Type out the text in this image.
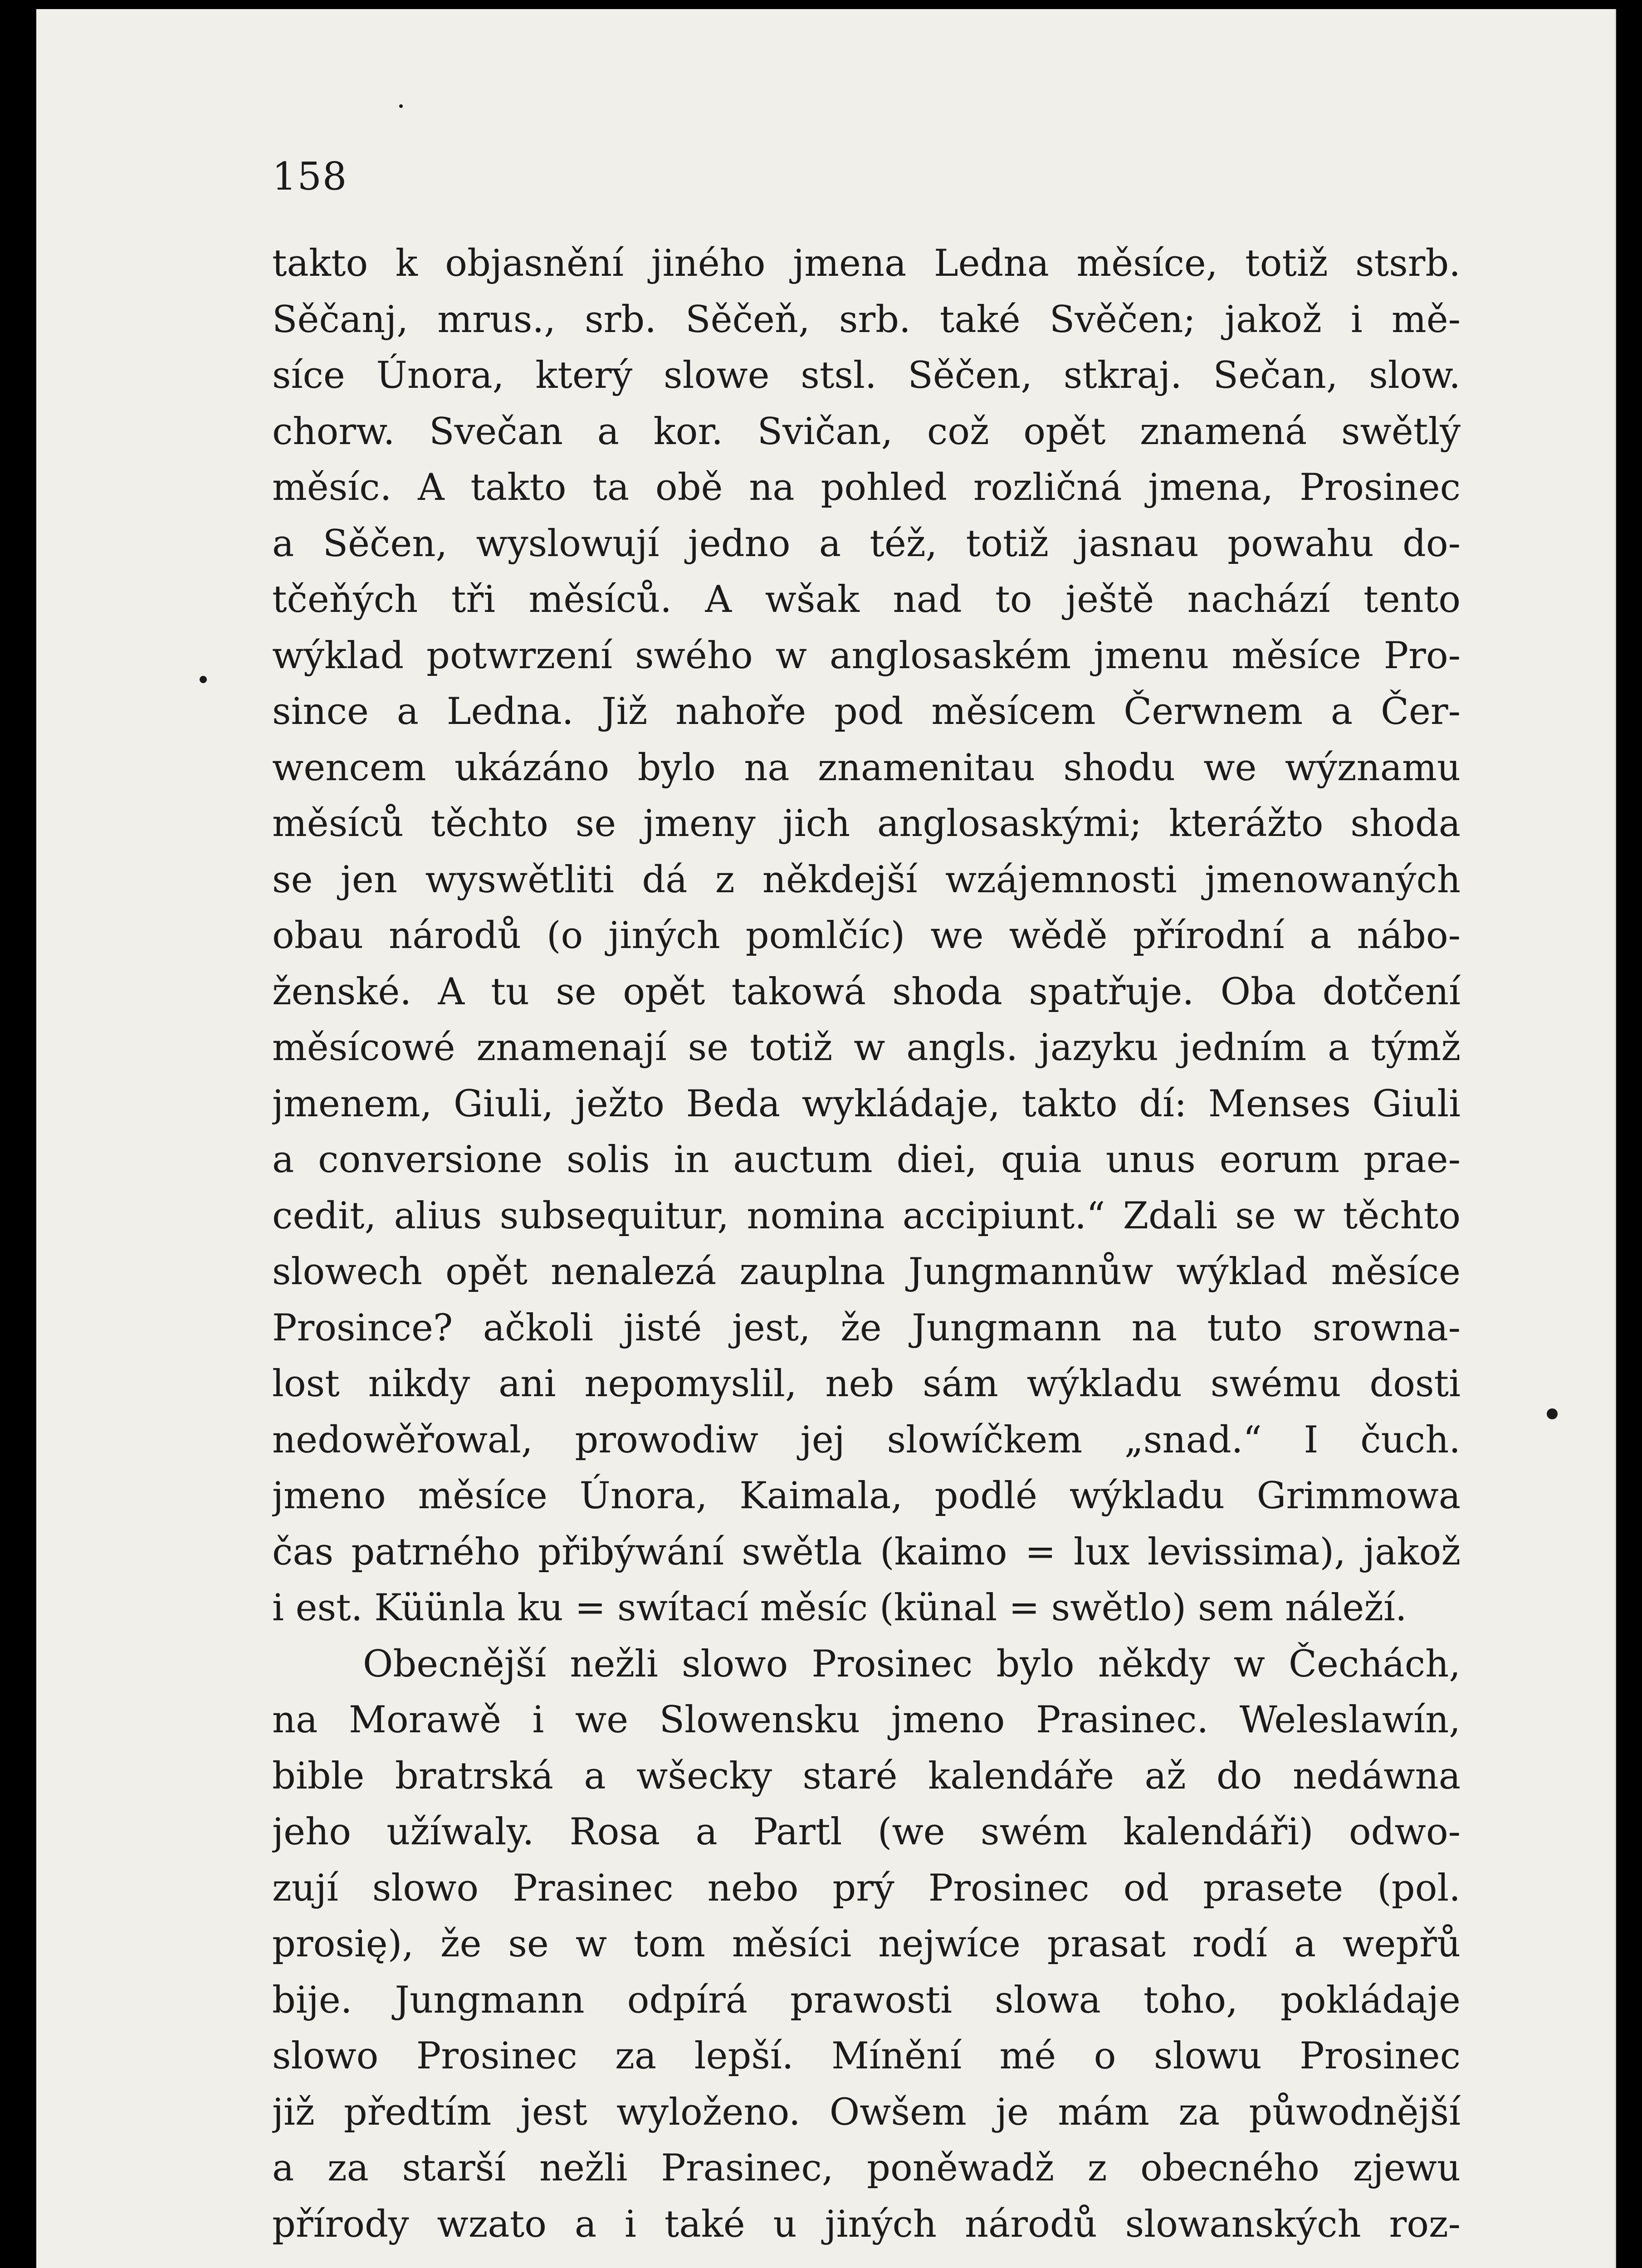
158
takto k objasnění jiného jmena Ledna měsíce, totiž stsrb.
Sěčanj, mrus., srb. Sěčeň, srb. také Svěčen; jakož i mě-
síce Února, který slowe stsl. Sěčen, stkraj. Sečan, slow.
chorw. Svečan a kor. Svičan, což opět znamená swětlý
měsíc. A takto ta obě na pohled rozličná jmena, Prosinec
a Sěčen, wyslowují jedno a též, totiž jasnau powahu do-
tčeňých tři měsíců. A wšak nad to ještě nachází tento
wýklad potwrzení swého w anglosaském jmenu měsíce Pro-
since a Ledna. Již nahoře pod měsícem Čerwnem a Čer-
wencem ukázáno bylo na znamenitau shodu we wýznamu
měsíců těchto se jmeny jich anglosaskými; kterážto shoda
se jen wyswětliti dá z někdejší wzájemnosti jmenowaných
obau národů (o jiných pomlčíc) we wědě přírodní a nábo-
ženské. A tu se opět takowá shoda spatřuje. Oba dotčení
měsícowé znamenají se totiž w angls. jazyku jedním a týmž
jmenem, Giuli, ježto Beda wykládaje, takto dí: Menses Giuli
a conversione solis in auctum diei, quia unus eorum prae-
cedit, alius subsequitur, nomina accipiunt.“ Zdali se w těchto
slowech opět nenalezá zauplna Jungmannůw wýklad měsíce
Prosince? ačkoli jisté jest, že Jungmann na tuto srowna-
lost nikdy ani nepomyslil, neb sám wýkladu swému dosti
nedowěřowal, prowodiw jej slowíčkem „snad.“ I čuch.
jmeno měsíce Února, Kaimala, podlé wýkladu Grimmowa
čas patrného přibýwání swětla (kaimo = lux levissima), jakož
i est. Küünla ku = swítací měsíc (künal = swětlo) sem náleží.
Obecnější nežli slowo Prosinec bylo někdy w Čechách,
na Morawě i we Slowensku jmeno Prasinec. Weleslawín,
bible bratrská a wšecky staré kalendáře až do nedáwna
jeho užíwaly. Rosa a Partl (we swém kalendáři) odwo-
zují slowo Prasinec nebo prý Prosinec od prasete (pol.
prosię), že se w tom měsíci nejwíce prasat rodí a wepřů
bije. Jungmann odpírá prawosti slowa toho, pokládaje
slowo Prosinec za lepší. Mínění mé o slowu Prosinec
již předtím jest wyloženo. Owšem je mám za půwodnější
a za starší nežli Prasinec, poněwadž z obecného zjewu
přírody wzato a i také u jiných národů slowanských roz-
